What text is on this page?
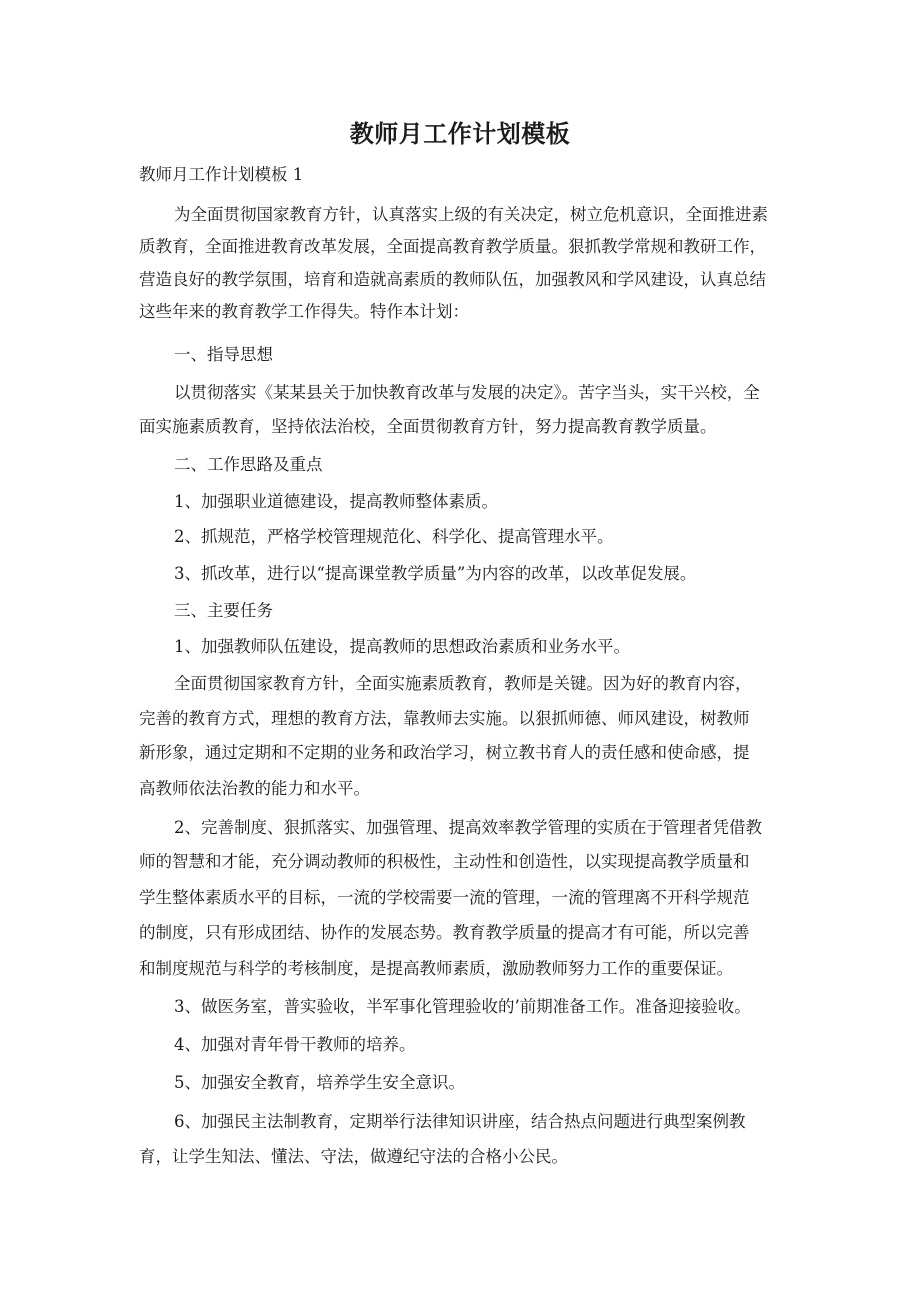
教师月工作计划模板
教师月工作计划模板 1
为全面贯彻国家教育方针，认真落实上级的有关决定，树立危机意识，全面推进素
质教育，全面推进教育改革发展，全面提高教育教学质量。狠抓教学常规和教研工作，
营造良好的教学氛围，培育和造就高素质的教师队伍，加强教风和学风建设，认真总结
这些年来的教育教学工作得失。特作本计划：
一、指导思想
以贯彻落实《某某县关于加快教育改革与发展的决定》。苦字当头，实干兴校，全
面实施素质教育，坚持依法治校，全面贯彻教育方针，努力提高教育教学质量。
二、工作思路及重点
1、加强职业道德建设，提高教师整体素质。
2、抓规范，严格学校管理规范化、科学化、提高管理水平。
3、抓改革，进行以“提高课堂教学质量”为内容的改革，以改革促发展。
三、主要任务
1、加强教师队伍建设，提高教师的思想政治素质和业务水平。
全面贯彻国家教育方针，全面实施素质教育，教师是关键。因为好的教育内容，
完善的教育方式，理想的教育方法，靠教师去实施。以狠抓师德、师风建设，树教师
新形象，通过定期和不定期的业务和政治学习，树立教书育人的责任感和使命感，提
高教师依法治教的能力和水平。
2、完善制度、狠抓落实、加强管理、提高效率教学管理的实质在于管理者凭借教
师的智慧和才能，充分调动教师的积极性，主动性和创造性，以实现提高教学质量和
学生整体素质水平的目标，一流的学校需要一流的管理，一流的管理离不开科学规范
的制度，只有形成团结、协作的发展态势。教育教学质量的提高才有可能，所以完善
和制度规范与科学的考核制度，是提高教师素质，激励教师努力工作的重要保证。
3、做医务室，普实验收，半军事化管理验收的’前期准备工作。准备迎接验收。
4、加强对青年骨干教师的培养。
5、加强安全教育，培养学生安全意识。
6、加强民主法制教育，定期举行法律知识讲座，结合热点问题进行典型案例教
育，让学生知法、懂法、守法，做遵纪守法的合格小公民。
